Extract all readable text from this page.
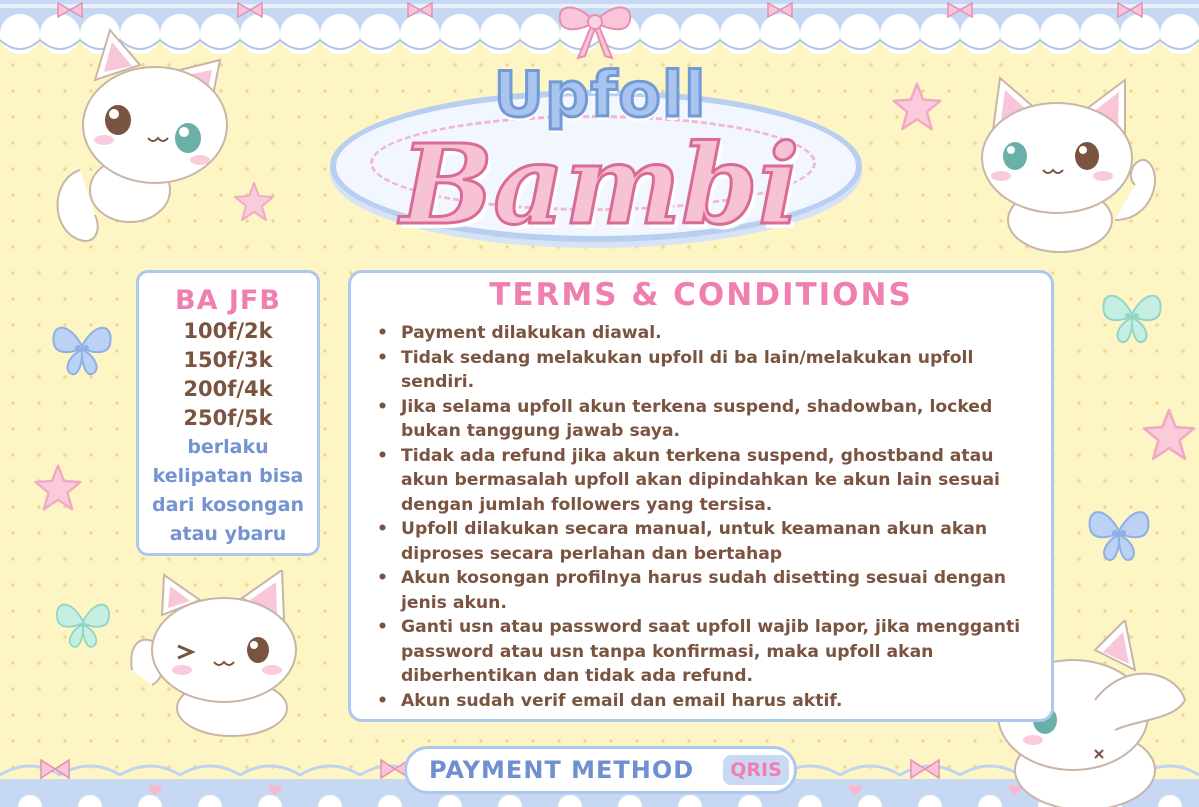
Upfoll
Bambi
BA JFB
100f/2k
150f/3k
200f/4k
250f/5k
berlaku
kelipatan bisa
dari kosongan
atau ybaru
TERMS & CONDITIONS
• Payment dilakukan diawal.
• Tidak sedang melakukan upfoll di ba lain/melakukan upfoll sendiri.
• Jika selama upfoll akun terkena suspend, shadowban, locked bukan tanggung jawab saya.
• Tidak ada refund jika akun terkena suspend, ghostband atau akun bermasalah upfoll akan dipindahkan ke akun lain sesuai dengan jumlah followers yang tersisa.
• Upfoll dilakukan secara manual, untuk keamanan akun akan diproses secara perlahan dan bertahap
• Akun kosongan profilnya harus sudah disetting sesuai dengan jenis akun.
• Ganti usn atau password saat upfoll wajib lapor, jika mengganti password atau usn tanpa konfirmasi, maka upfoll akan diberhentikan dan tidak ada refund.
• Akun sudah verif email dan email harus aktif.
PAYMENT METHOD	QRIS
